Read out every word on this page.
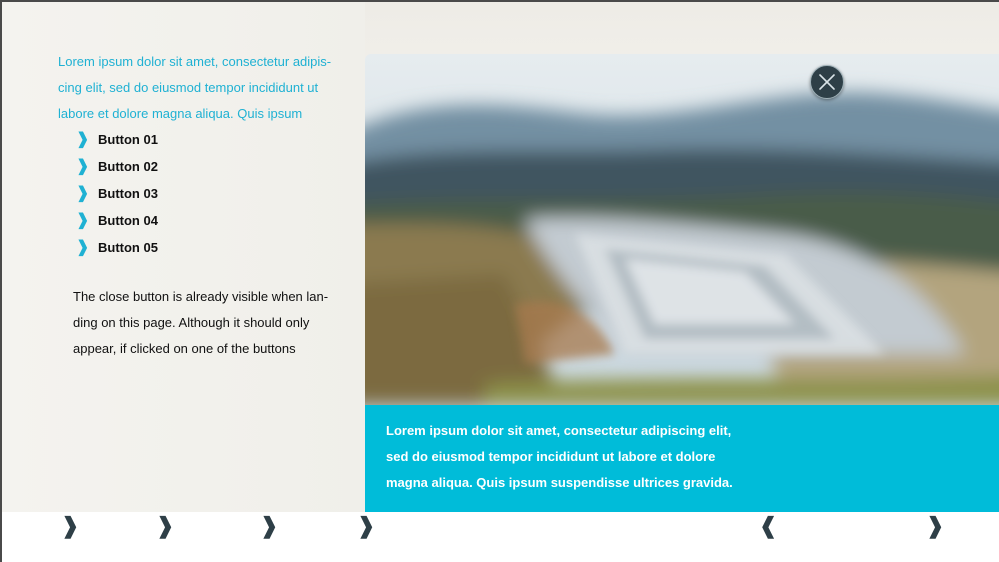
Lorem ipsum dolor sit amet, consectetur adipis-cing elit, sed do eiusmod tempor incididunt ut labore et dolore magna aliqua. Quis ipsum
❱ Button 01
❱ Button 02
❱ Button 03
❱ Button 04
❱ Button 05
The close button is already visible when lan-ding on this page. Although it should only appear, if clicked on one of the buttons
Lorem ipsum dolor sit amet, consectetur adipiscing elit, sed do eiusmod tempor incididunt ut labore et dolore magna aliqua. Quis ipsum suspendisse ultrices gravida.
❱	❱	❱	❱	❰	❱
